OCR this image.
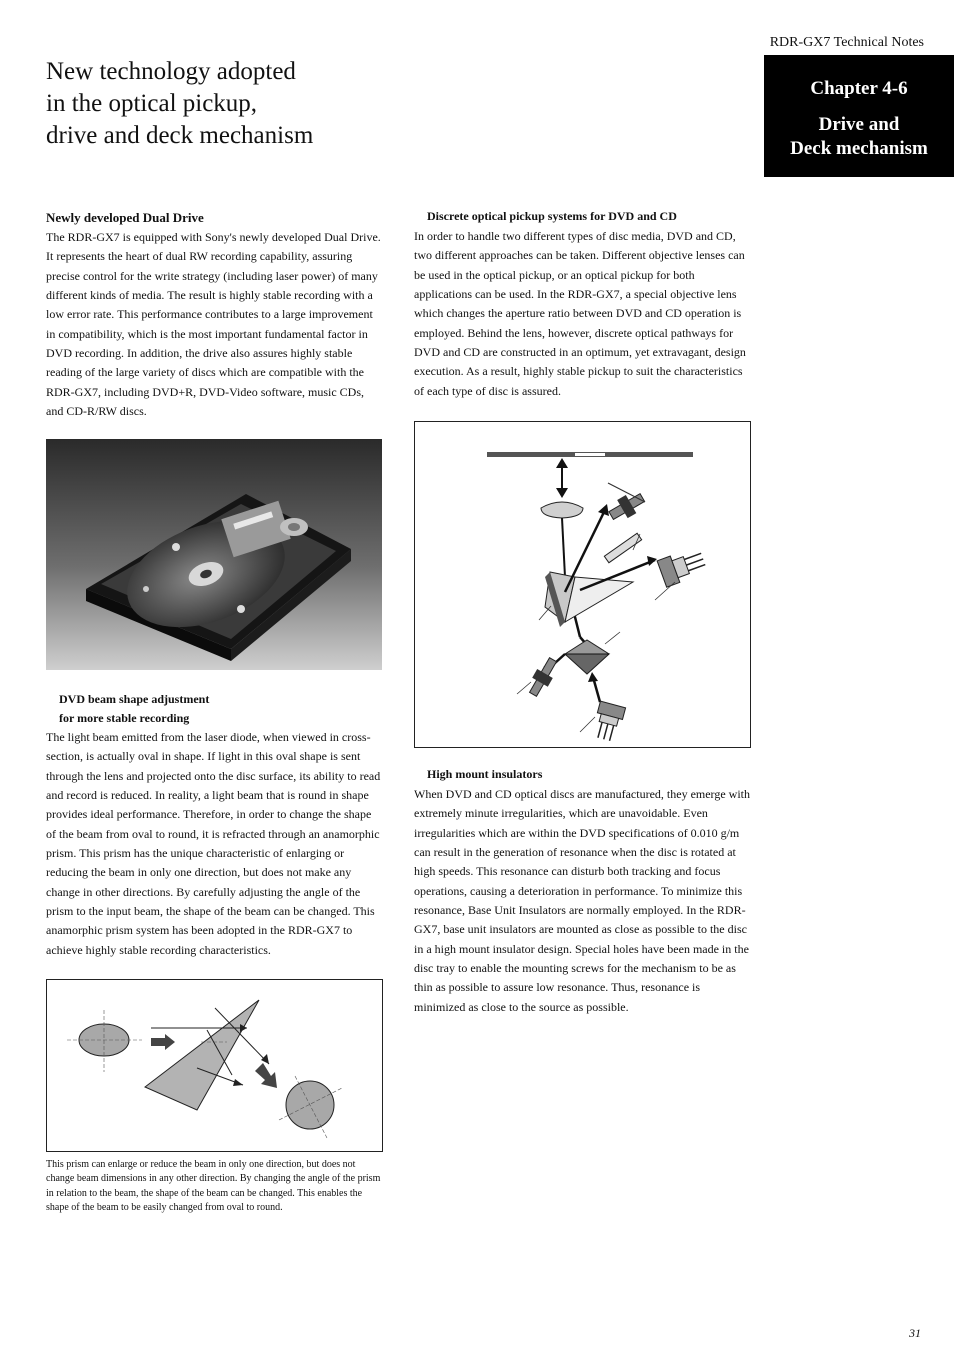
RDR-GX7 Technical Notes
Chapter 4-6
Drive and
Deck mechanism
New technology adopted
in the optical pickup,
drive and deck mechanism
Newly developed Dual Drive

The RDR-GX7 is equipped with Sony's newly developed Dual Drive. It represents the heart of dual RW recording capability, assuring precise control for the write strategy (including laser power) of many different kinds of media. The result is highly stable recording with a low error rate. This performance contributes to a large improvement in compatibility, which is the most important fundamental factor in DVD recording. In addition, the drive also assures highly stable reading of the large variety of discs which are compatible with the RDR-GX7, including DVD+R, DVD-Video software, music CDs, and CD-R/RW discs.

DVD beam shape adjustment
for more stable recording

The light beam emitted from the laser diode, when viewed in cross-section, is actually oval in shape. If light in this oval shape is sent through the lens and projected onto the disc surface, its ability to read and record is reduced. In reality, a light beam that is round in shape provides ideal performance. Therefore, in order to change the shape of the beam from oval to round, it is refracted through an anamorphic prism. This prism has the unique characteristic of enlarging or reducing the beam in only one direction, but does not make any change in other directions. By carefully adjusting the angle of the prism to the input beam, the shape of the beam can be changed. This anamorphic prism system has been adopted in the RDR-GX7 to achieve highly stable recording characteristics.

This prism can enlarge or reduce the beam in only one direction, but does not change beam dimensions in any other direction. By changing the angle of the prism in relation to the beam, the shape of the beam can be changed. This enables the shape of the beam to be easily changed from oval to round.
Discrete optical pickup systems for DVD and CD

In order to handle two different types of disc media, DVD and CD, two different approaches can be taken. Different objective lenses can be used in the optical pickup, or an optical pickup for both applications can be used. In the RDR-GX7, a special objective lens which changes the aperture ratio between DVD and CD operation is employed. Behind the lens, however, discrete optical pathways for DVD and CD are constructed in an optimum, yet extravagant, design execution. As a result, highly stable pickup to suit the characteristics of each type of disc is assured.

High mount insulators

When DVD and CD optical discs are manufactured, they emerge with extremely minute irregularities, which are unavoidable. Even irregularities which are within the DVD specifications of 0.010 g/m can result in the generation of resonance when the disc is rotated at high speeds. This resonance can disturb both tracking and focus operations, causing a deterioration in performance. To minimize this resonance, Base Unit Insulators are normally employed. In the RDR-GX7, base unit insulators are mounted as close as possible to the disc in a high mount insulator design. Special holes have been made in the disc tray to enable the mounting screws for the mechanism to be as thin as possible to assure low resonance. Thus, resonance is minimized as close to the source as possible.

31
